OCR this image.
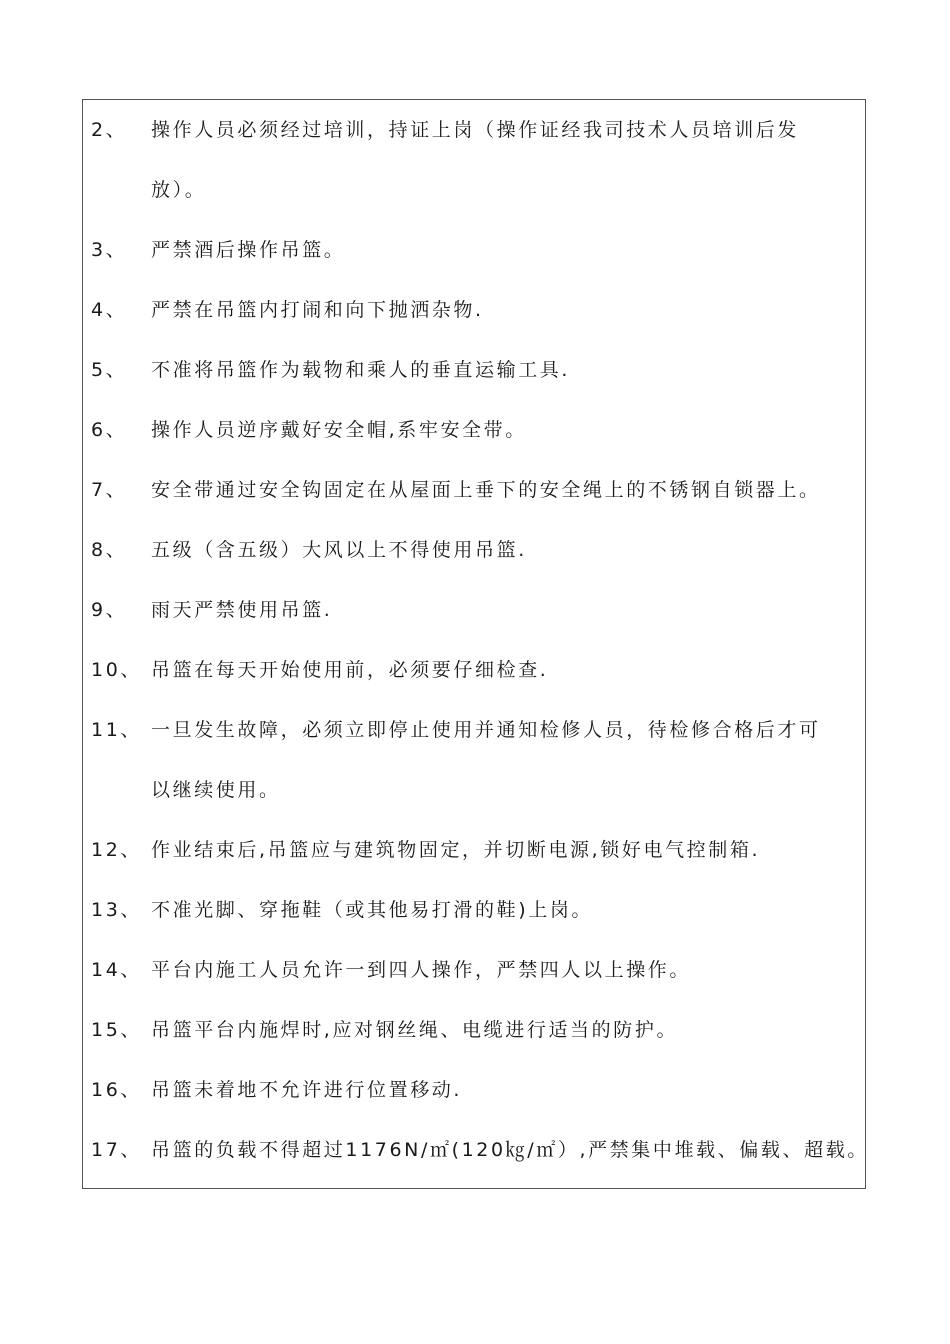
2、	操作人员必须经过培训，持证上岗（操作证经我司技术人员培训后发
放）。
3、	严禁酒后操作吊篮。
4、	严禁在吊篮内打闹和向下抛洒杂物.
5、	不准将吊篮作为载物和乘人的垂直运输工具.
6、	操作人员逆序戴好安全帽,系牢安全带。
7、	安全带通过安全钩固定在从屋面上垂下的安全绳上的不锈钢自锁器上。
8、	五级（含五级）大风以上不得使用吊篮.
9、	雨天严禁使用吊篮.
10、 吊篮在每天开始使用前，必须要仔细检查.
11、 一旦发生故障，必须立即停止使用并通知检修人员，待检修合格后才可
以继续使用。
12、 作业结束后,吊篮应与建筑物固定，并切断电源,锁好电气控制箱.
13、 不准光脚、穿拖鞋（或其他易打滑的鞋)上岗。
14、 平台内施工人员允许一到四人操作，严禁四人以上操作。
15、 吊篮平台内施焊时,应对钢丝绳、电缆进行适当的防护。
16、 吊篮未着地不允许进行位置移动.
17、 吊篮的负载不得超过1176N/㎡(120㎏/㎡）,严禁集中堆载、偏载、超载。
